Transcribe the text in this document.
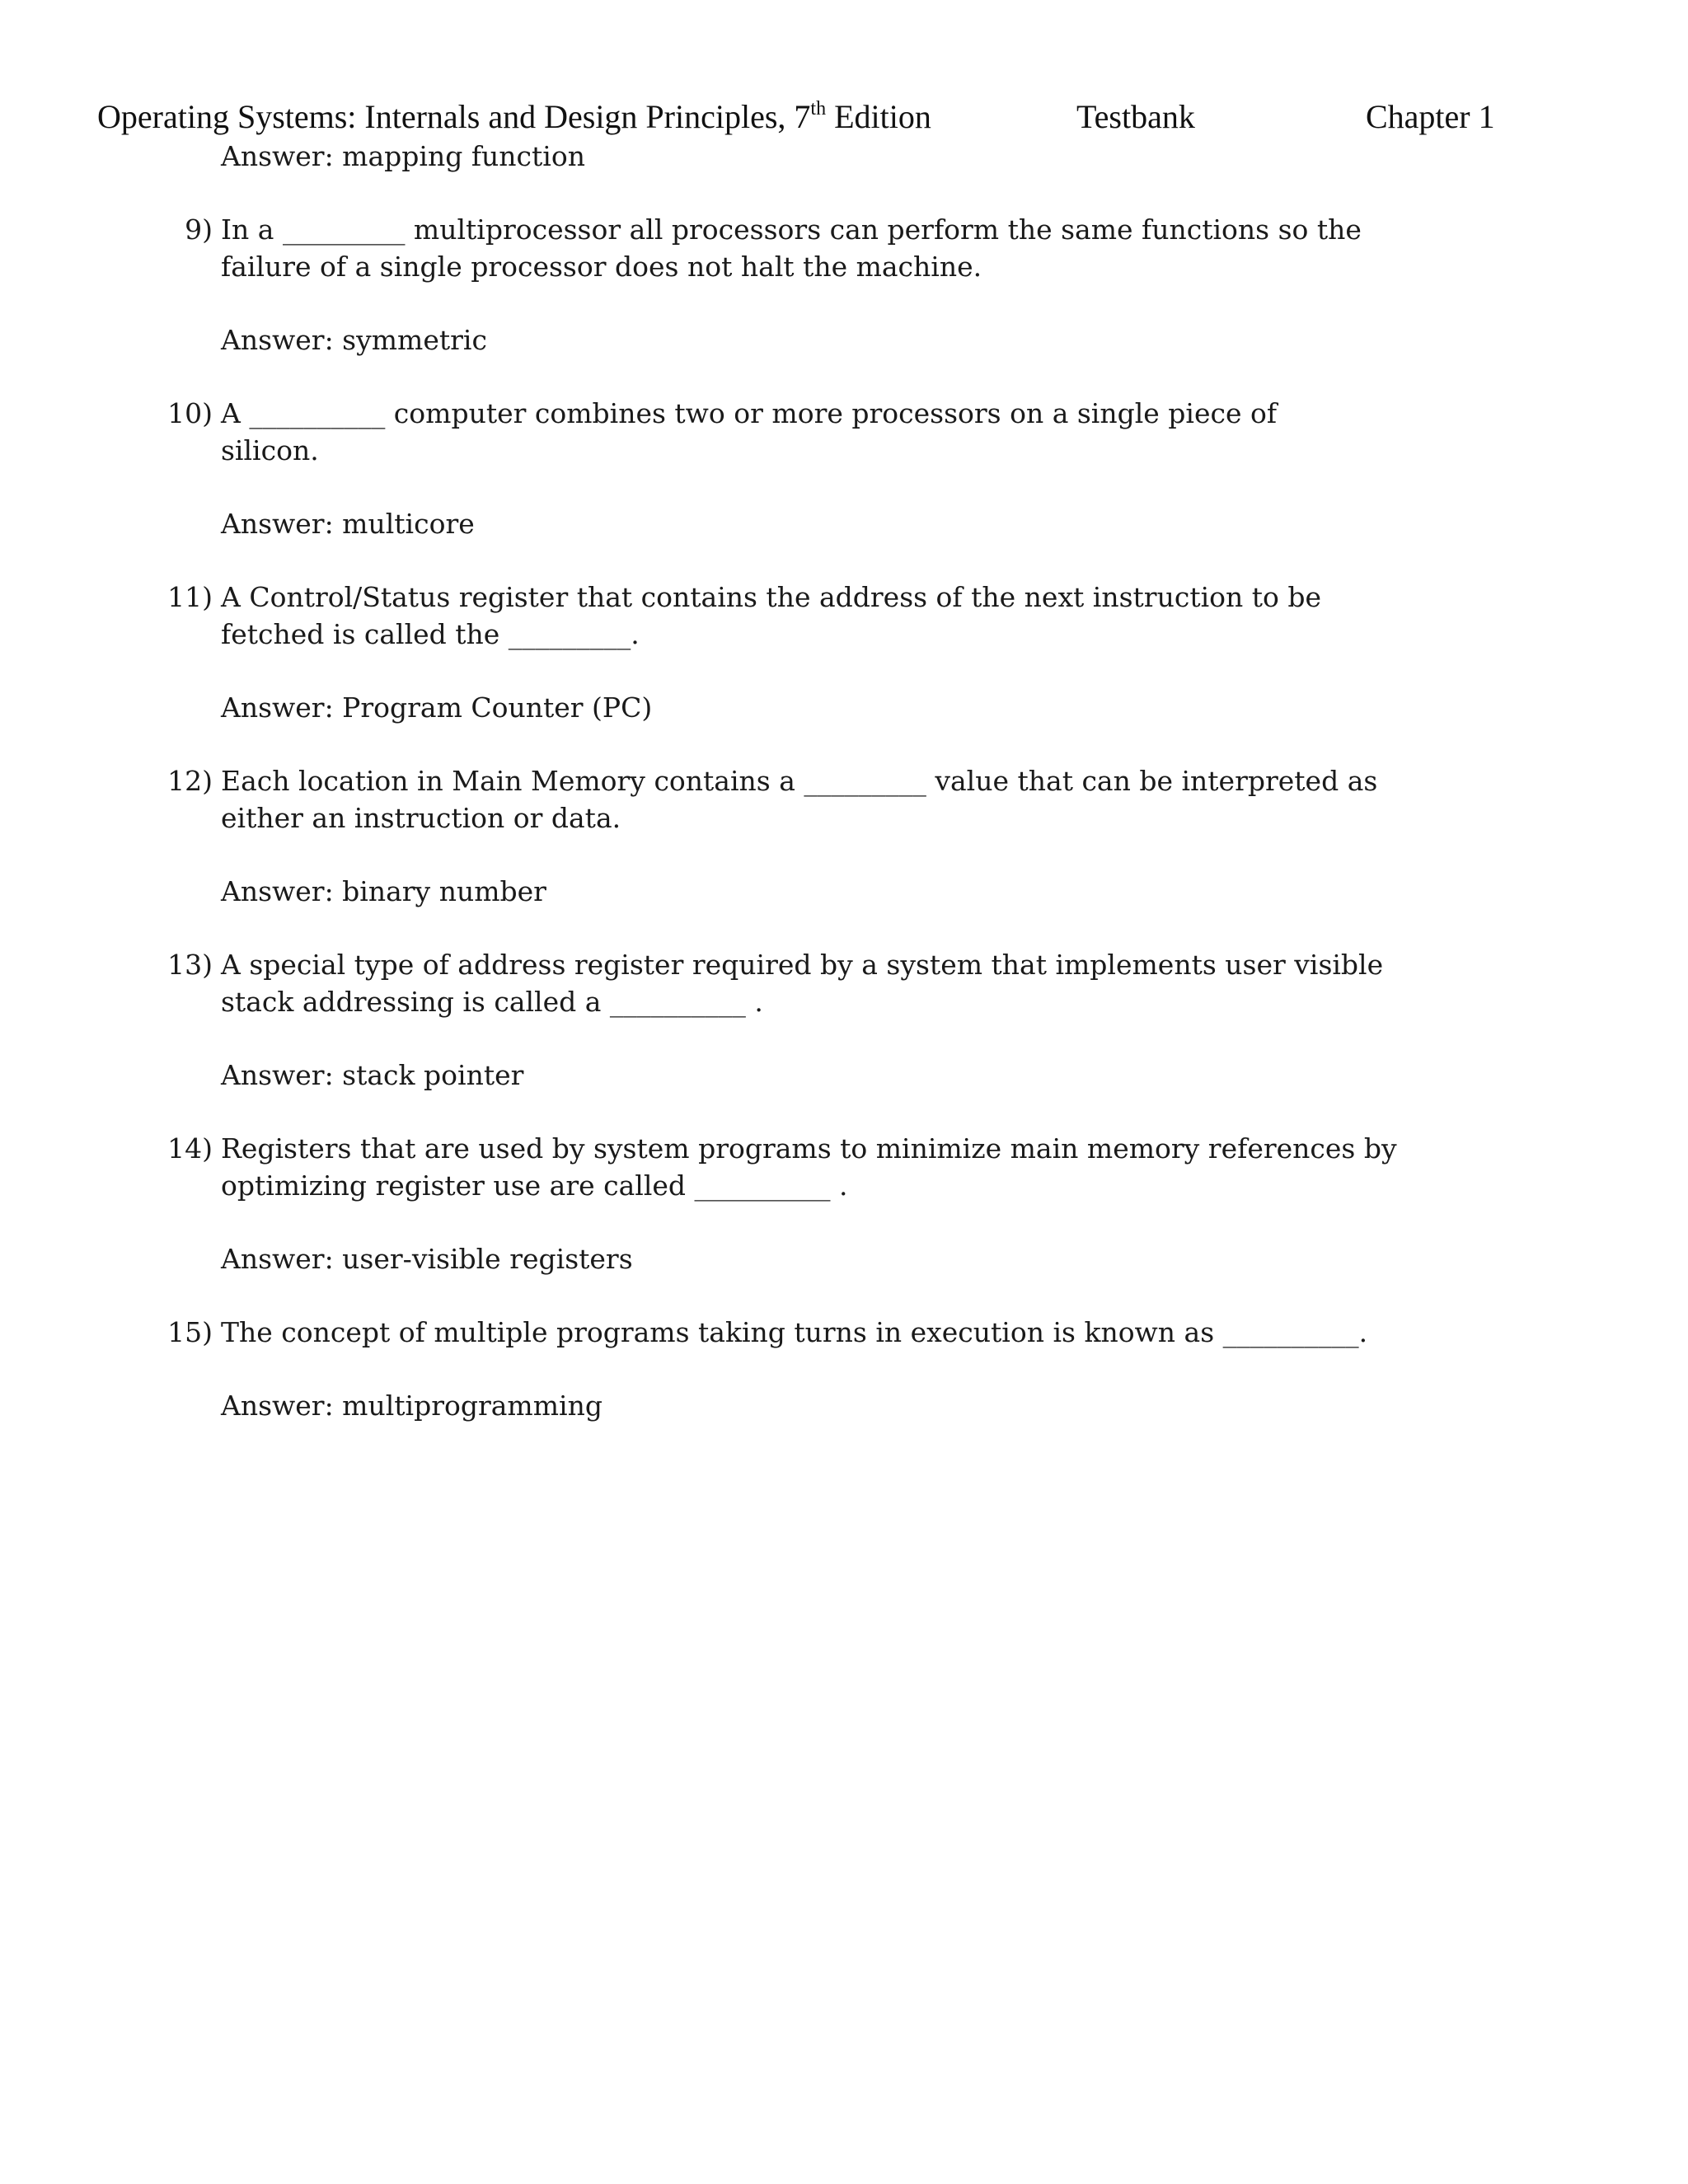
Operating Systems: Internals and Design Principles, 7th Edition	Testbank	Chapter 1
Answer: mapping function
9) In a _________ multiprocessor all processors can perform the same functions so the
failure of a single processor does not halt the machine.
Answer: symmetric
10) A __________ computer combines two or more processors on a single piece of
silicon.
Answer: multicore
11) A Control/Status register that contains the address of the next instruction to be
fetched is called the _________.
Answer: Program Counter (PC)
12) Each location in Main Memory contains a _________ value that can be interpreted as
either an instruction or data.
Answer: binary number
13) A special type of address register required by a system that implements user visible
stack addressing is called a __________ .
Answer: stack pointer
14) Registers that are used by system programs to minimize main memory references by
optimizing register use are called __________ .
Answer: user-visible registers
15) The concept of multiple programs taking turns in execution is known as __________.
Answer: multiprogramming
